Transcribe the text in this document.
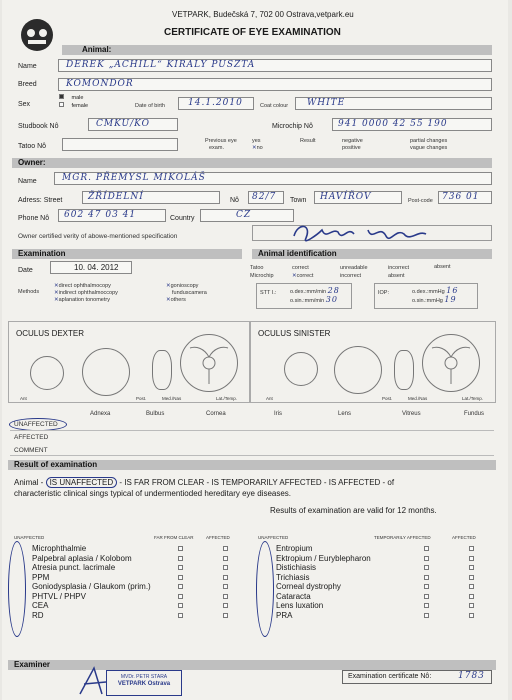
VETPARK, Budečská 7, 702 00 Ostrava,vetpark.eu
CERTIFICATE OF EYE EXAMINATION
Animal:
Name	DEREK „ACHILL“ KIRALY PUSZTA
Breed	KOMONDOR
Sex
male
female	Date of birth	14.1.2010	Coat colour WHITE
Studbook Nô	CMKU/KO	Microchip Nô	941 0000 42 55 190
Tatoo Nô
Previous eye
exam.
yes
✕no
Result	negative
positive
partial changes
vague changes
Owner:
Name	MGR. PŘEMYSL MIKOLÁŠ
Adress: Street	ŽŘÍDELNÍ	Nô 82/7 Town HAVÍŘOV	Post-code 736 01
Phone Nô 602 47 03 41	Country	CZ
Owner certified verity of abowe-mentioned specification
Examination	Animal identification
Date	10. 04. 2012	Tatoo
Microchip
correct
✕correct
unreadable
incorrect
incorrect
absent
absent
Methods
✕direct ophthalmocopy
✕indirect ophthalmoccopy
✕aplanation tonometry
✕gonioscopy
funduscamera
✕others
STT I.: o.dex.:mm/min 28
o.sin.:mm/min 30
IOP:	o.dex.:mmHg 16
o.sin.:mmHg 19
OCULUS DEXTER	OCULUS SINISTER
Ant	Post.	Med./Nas	Lat./Temp.	Ant	Post.	Med./Nas	Lat./Temp.
Adnexa	Bulbus	Cornea	Iris	Lens	Vitreus	Fundus
UNAFFECTED
AFFECTED
COMMENT
Result of examination
Animal - IS UNAFFECTED - IS FAR FROM CLEAR - IS TEMPORARILY AFFECTED - IS AFFECTED - of
characteristic clinical sings typical of undermentioded hereditary eye diseases.
Results of examination are valid for 12 months.
UNAFFECTED	FAR FROM CLEAR	AFFECTED
Microphthalmie
Palpebral aplasia / Kolobom
Atresia punct. lacrimale
PPM
Goniodysplasia / Glaukom (prim.)
PHTVL / PHPV
CEA
RD
UNAFFECTED	TEMPORARILY AFFECTED	AFFECTED
Entropium
Ektropium / Euryblepharon
Distichiasis
Trichiasis
Corneal dystrophy
Cataracta
Lens luxation
PRA
Examiner
MVDr. PETR STARA
VETPARK Ostrava
Examination certificate Nô:	1783
